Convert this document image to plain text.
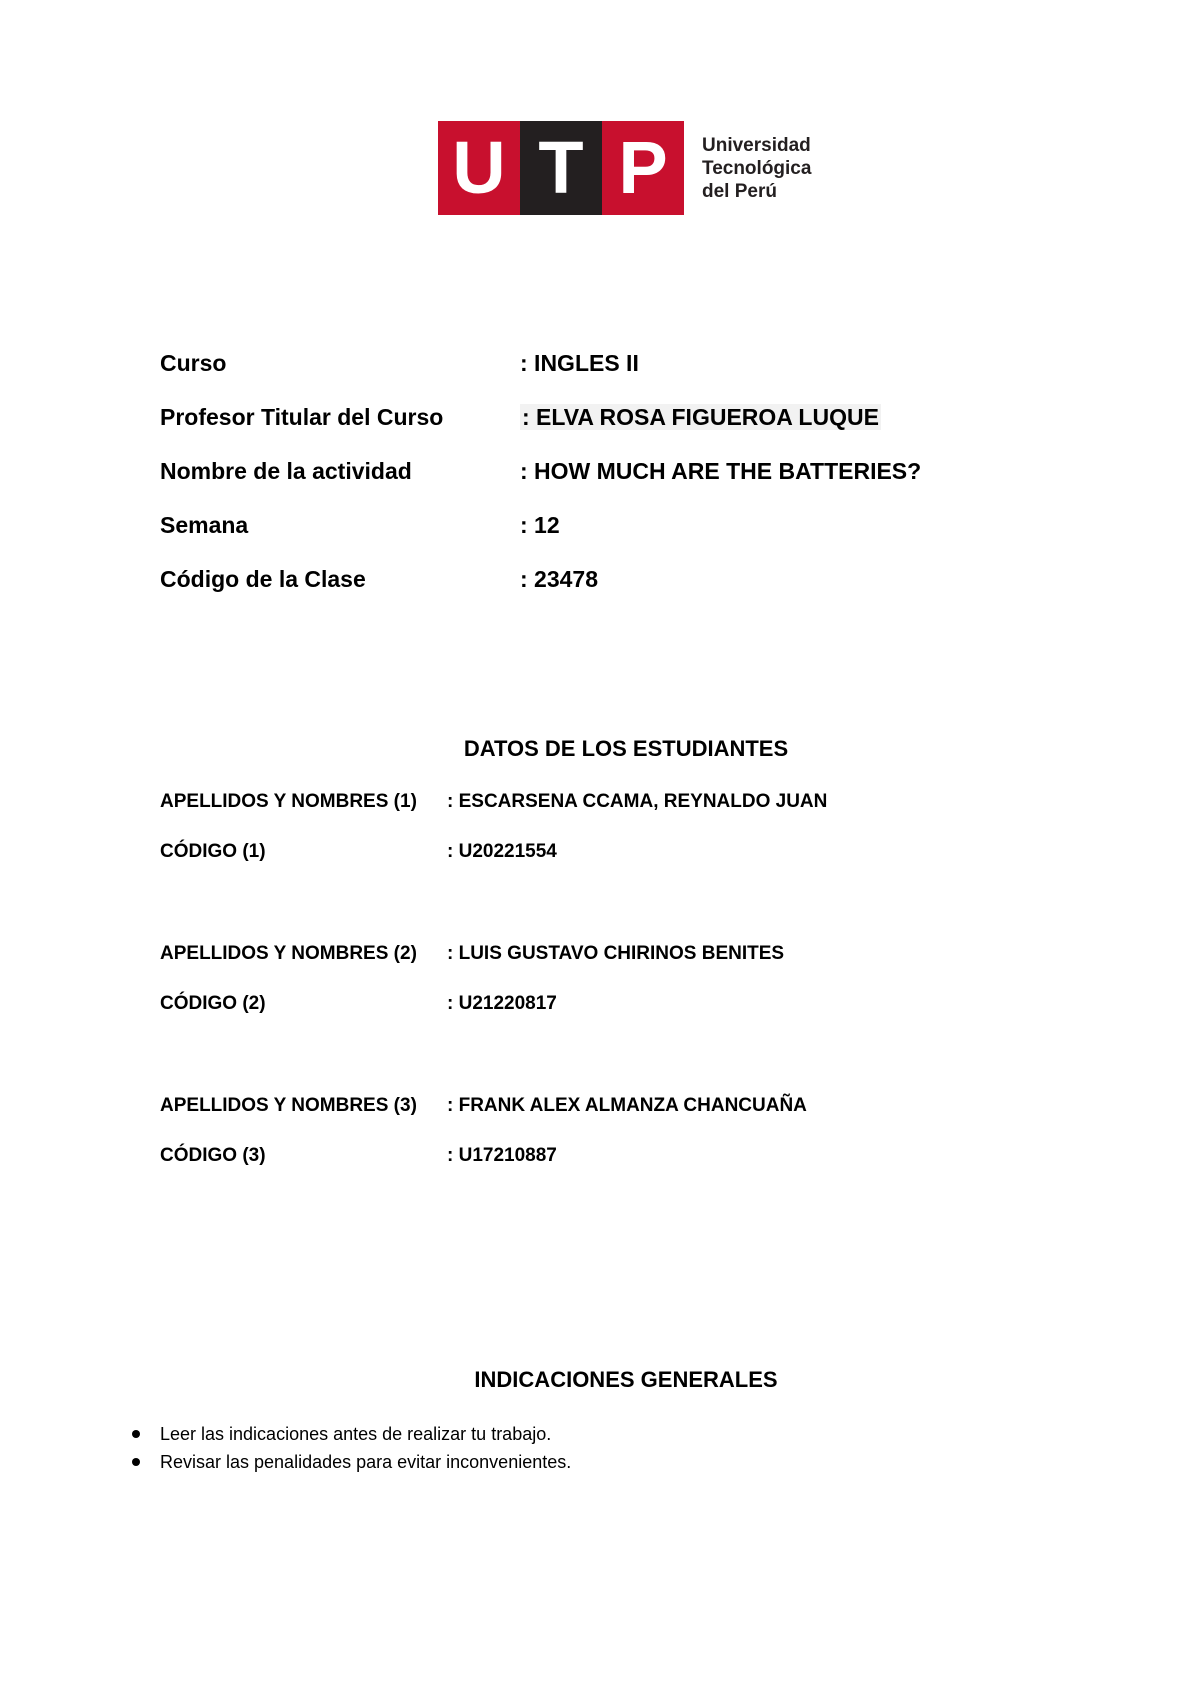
U T P	Universidad
Tecnológica
del Perú
Curso	: INGLES II
Profesor Titular del Curso	: ELVA ROSA FIGUEROA LUQUE
Nombre de la actividad	: HOW MUCH ARE THE BATTERIES?
Semana	: 12
Código de la Clase	: 23478
DATOS DE LOS ESTUDIANTES
APELLIDOS Y NOMBRES (1) : ESCARSENA CCAMA, REYNALDO JUAN
CÓDIGO (1)	: U20221554
APELLIDOS Y NOMBRES (2) : LUIS GUSTAVO CHIRINOS BENITES
CÓDIGO (2)	: U21220817
APELLIDOS Y NOMBRES (3) : FRANK ALEX ALMANZA CHANCUAÑA
CÓDIGO (3)	: U17210887
INDICACIONES GENERALES
Leer las indicaciones antes de realizar tu trabajo.
Revisar las penalidades para evitar inconvenientes.
